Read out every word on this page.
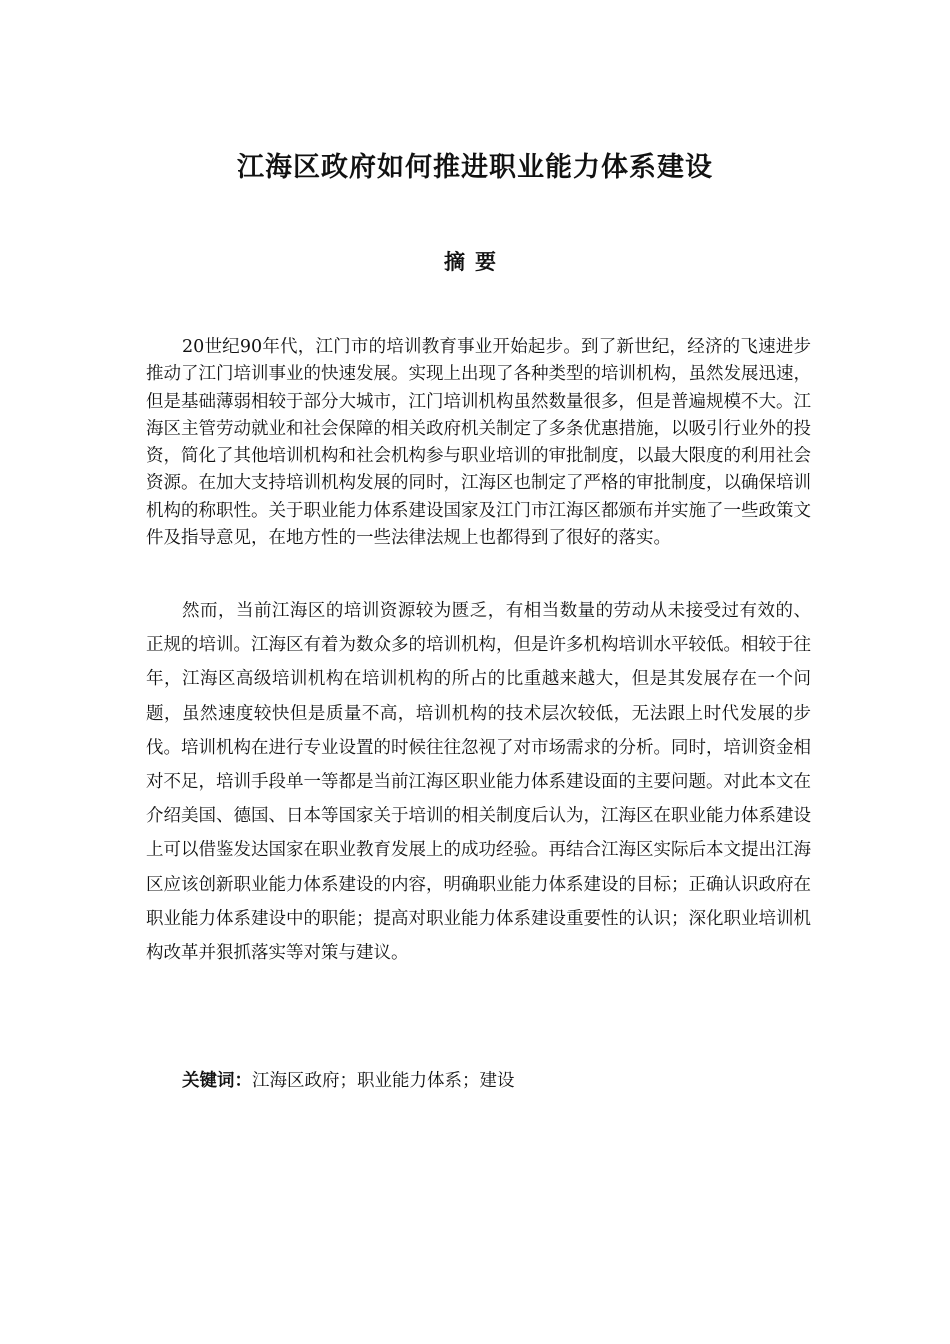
江海区政府如何推进职业能力体系建设
摘要

20世纪90年代，江门市的培训教育事业开始起步。到了新世纪，经济的飞速进步推动了江门培训事业的快速发展。实现上出现了各种类型的培训机构，虽然发展迅速，但是基础薄弱相较于部分大城市，江门培训机构虽然数量很多，但是普遍规模不大。江海区主管劳动就业和社会保障的相关政府机关制定了多条优惠措施，以吸引行业外的投资，简化了其他培训机构和社会机构参与职业培训的审批制度，以最大限度的利用社会资源。在加大支持培训机构发展的同时，江海区也制定了严格的审批制度，以确保培训机构的称职性。关于职业能力体系建设国家及江门市江海区都颁布并实施了一些政策文件及指导意见，在地方性的一些法律法规上也都得到了很好的落实。

然而，当前江海区的培训资源较为匮乏，有相当数量的劳动从未接受过有效的、正规的培训。江海区有着为数众多的培训机构，但是许多机构培训水平较低。相较于往年，江海区高级培训机构在培训机构的所占的比重越来越大，但是其发展存在一个问题，虽然速度较快但是质量不高，培训机构的技术层次较低，无法跟上时代发展的步伐。培训机构在进行专业设置的时候往往忽视了对市场需求的分析。同时，培训资金相对不足，培训手段单一等都是当前江海区职业能力体系建设面的主要问题。对此本文在介绍美国、德国、日本等国家关于培训的相关制度后认为，江海区在职业能力体系建设上可以借鉴发达国家在职业教育发展上的成功经验。再结合江海区实际后本文提出江海区应该创新职业能力体系建设的内容，明确职业能力体系建设的目标；正确认识政府在职业能力体系建设中的职能；提高对职业能力体系建设重要性的认识；深化职业培训机构改革并狠抓落实等对策与建议。

关键词：江海区政府；职业能力体系；建设
